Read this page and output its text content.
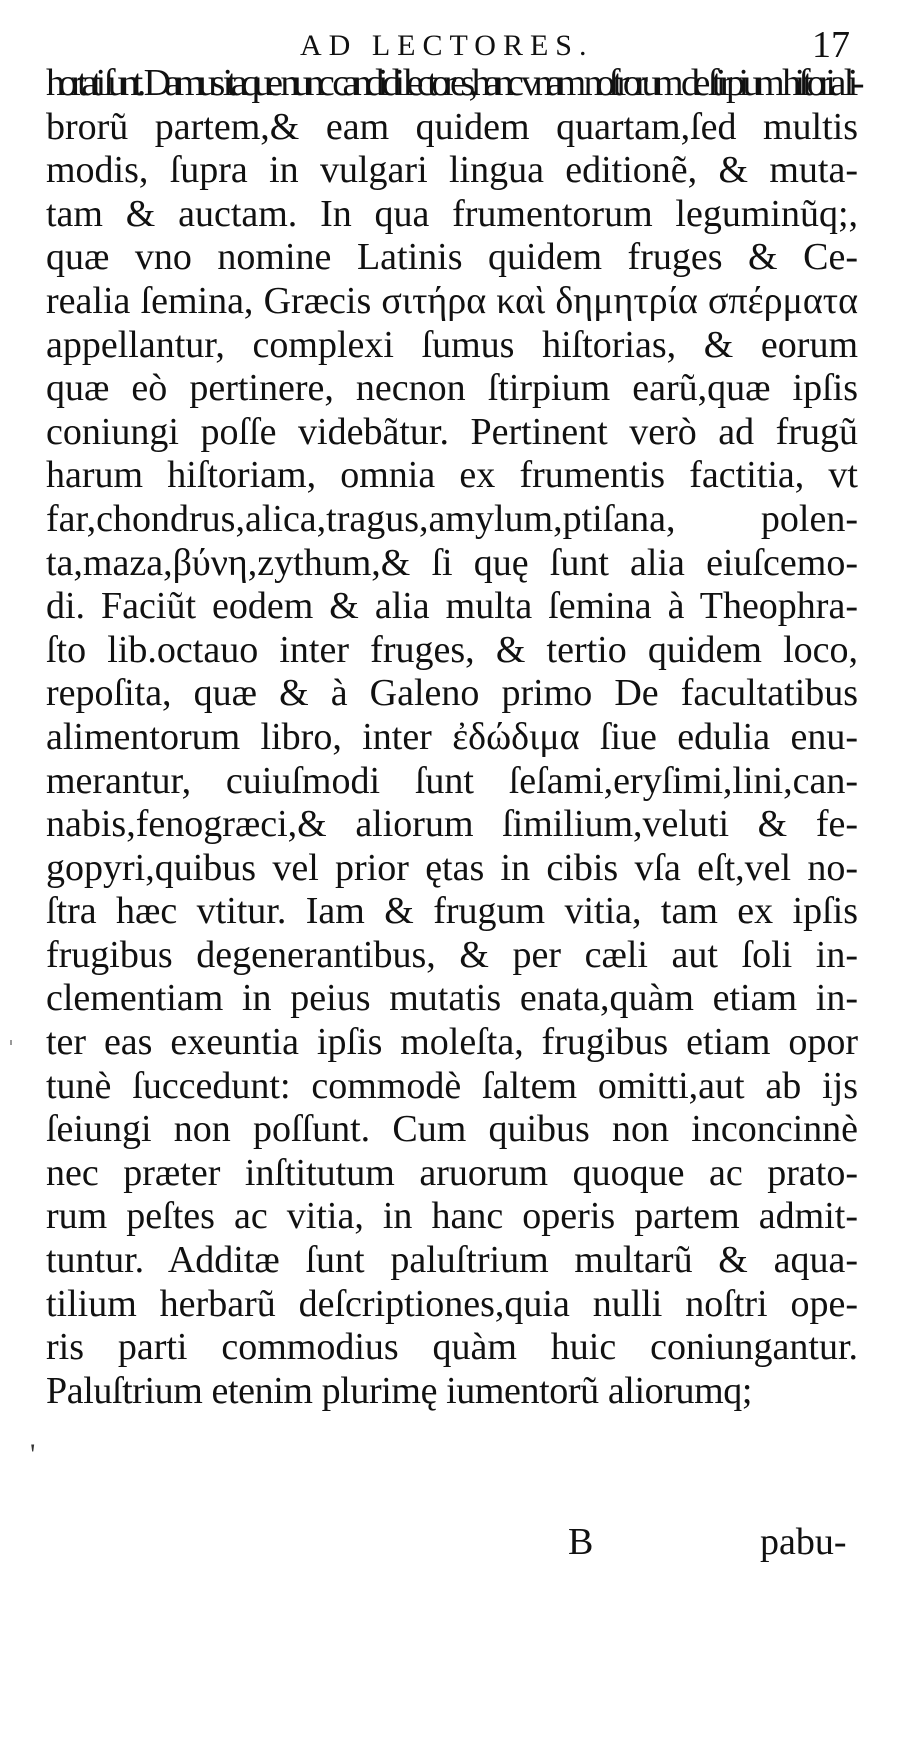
AD LECTORES.	17
hortati ſunt. Damus itaque nunc candidi lectores,hanc vnam noſtrorum de ſtirpium hiſtoria li-
brorũ partem,& eam quidem quartam,ſed multis
modis, ſupra in vulgari lingua editionẽ, & muta-
tam & auctam. In qua frumentorum leguminũq;,
quæ vno nomine Latinis quidem fruges & Ce-
realia ſemina, Græcis σιτήρα καὶ δημητρία σπέρματα
appellantur, complexi ſumus hiſtorias, & eorum
quæ eò pertinere, necnon ſtirpium earũ,quæ ipſis
coniungi poſſe videbãtur. Pertinent verò ad frugũ
harum hiſtoriam, omnia ex frumentis factitia, vt
far,chondrus,alica,tragus,amylum,ptiſana, polen-
ta,maza,βύνη,zythum,& ſi quę ſunt alia eiuſcemo-
di. Faciũt eodem & alia multa ſemina à Theophra-
ſto lib.octauo inter fruges, & tertio quidem loco,
repoſita, quæ & à Galeno primo De facultatibus
alimentorum libro, inter ἐδώδιμα ſiue edulia enu-
merantur, cuiuſmodi ſunt ſeſami,eryſimi,lini,can-
nabis,fenogræci,& aliorum ſimilium,veluti & fe-
gopyri,quibus vel prior ętas in cibis vſa eſt,vel no-
ſtra hæc vtitur. Iam & frugum vitia, tam ex ipſis
frugibus degenerantibus, & per cæli aut ſoli in-
clementiam in peius mutatis enata,quàm etiam in-
ter eas exeuntia ipſis moleſta, frugibus etiam opor
tunè ſuccedunt: commodè ſaltem omitti,aut ab ijs
ſeiungi non poſſunt. Cum quibus non inconcinnè
nec præter inſtitutum aruorum quoque ac prato-
rum peſtes ac vitia, in hanc operis partem admit-
tuntur. Additæ ſunt paluſtrium multarũ & aqua-
tilium herbarũ deſcriptiones,quia nulli noſtri ope-
ris parti commodius quàm huic coniungantur.
Paluſtrium etenim plurimę iumentorũ aliorumq;
'
B	pabu-
